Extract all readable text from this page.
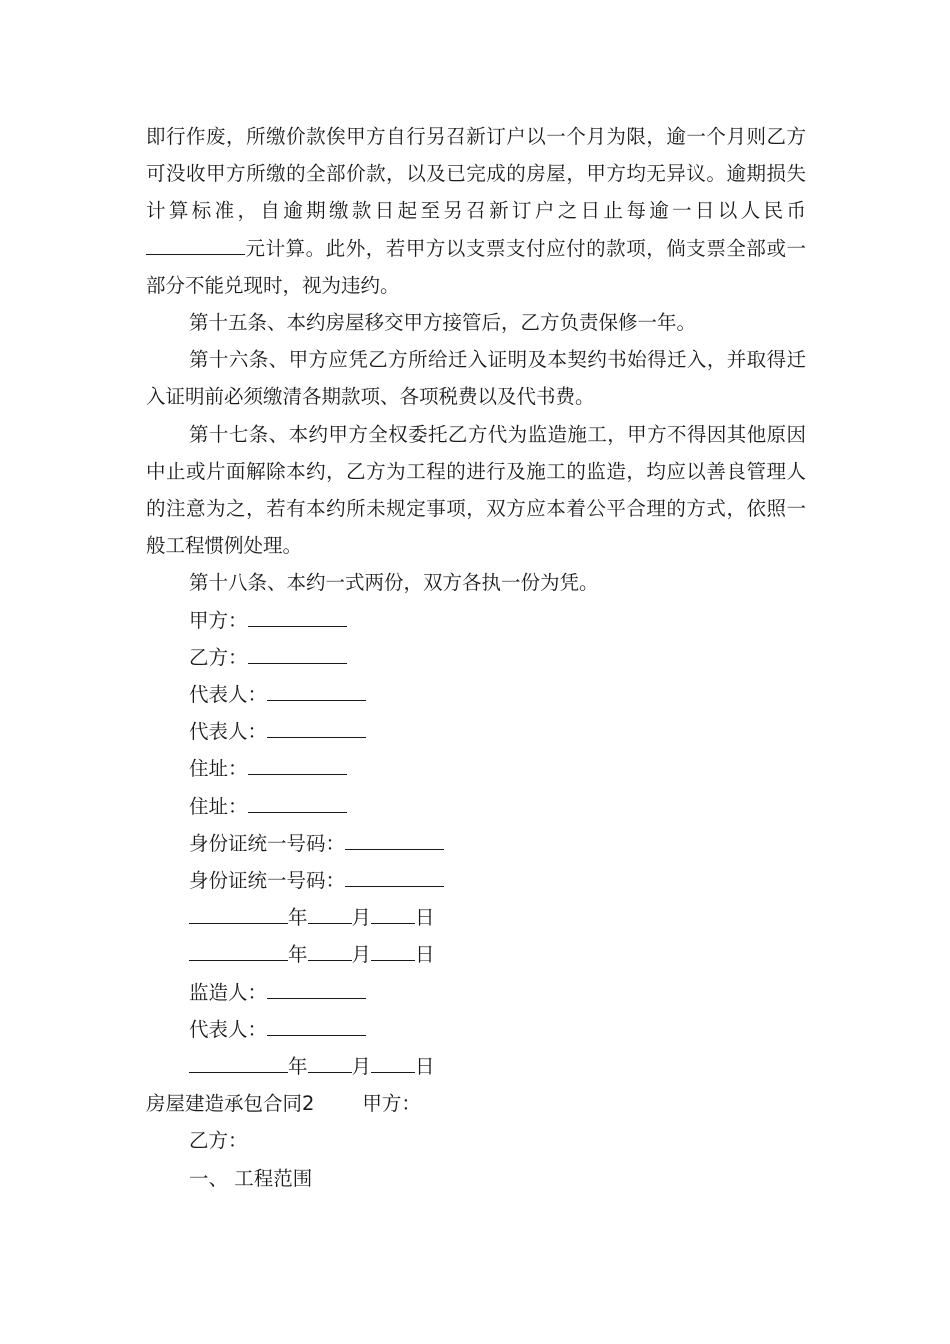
即行作废，所缴价款俟甲方自行另召新订户以一个月为限，逾一个月则乙方可没收甲方所缴的全部价款，以及已完成的房屋，甲方均无异议。逾期损失计算标准，自逾期缴款日起至另召新订户之日止每逾一日以人民币元计算。此外，若甲方以支票支付应付的款项，倘支票全部或一部分不能兑现时，视为违约。

第十五条、本约房屋移交甲方接管后，乙方负责保修一年。

第十六条、甲方应凭乙方所给迁入证明及本契约书始得迁入，并取得迁入证明前必须缴清各期款项、各项税费以及代书费。

第十七条、本约甲方全权委托乙方代为监造施工，甲方不得因其他原因中止或片面解除本约，乙方为工程的进行及施工的监造，均应以善良管理人的注意为之，若有本约所未规定事项，双方应本着公平合理的方式，依照一般工程惯例处理。

第十八条、本约一式两份，双方各执一份为凭。

甲方：

乙方：

代表人：

代表人：

住址：

住址：

身份证统一号码：

身份证统一号码：

年 月 日

年 月 日

监造人：

代表人：

年 月 日

房屋建造承包合同2 甲方：

乙方：

一、 工程范围
